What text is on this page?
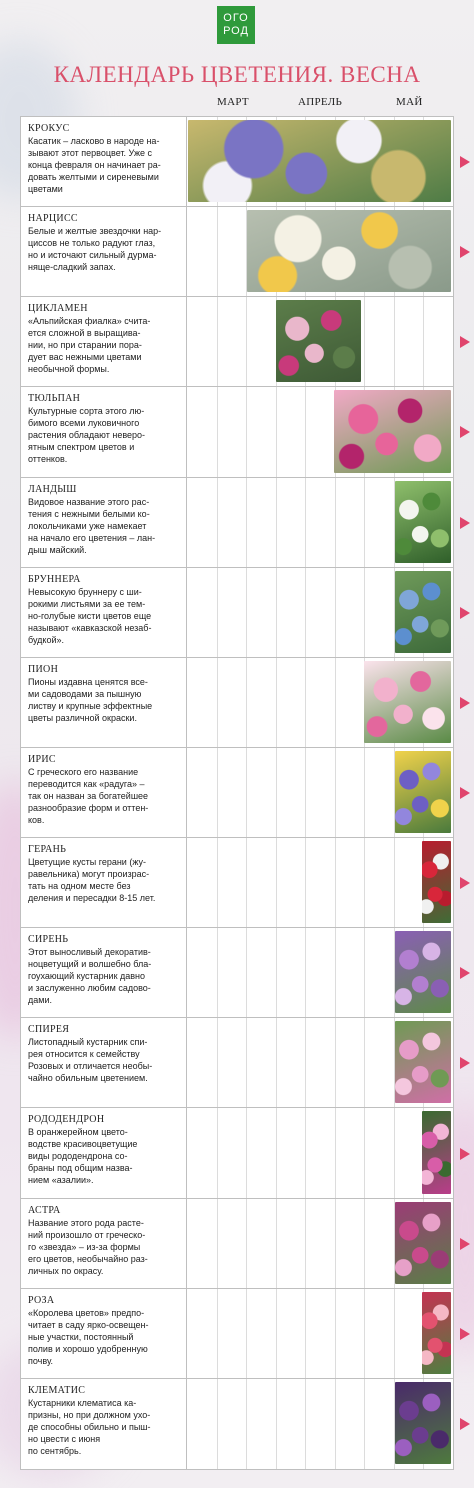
ОГО
РОД
КАЛЕНДАРЬ ЦВЕТЕНИЯ. ВЕСНА
МАРТ	АПРЕЛЬ	МАЙ
КРОКУС
Касатик – ласково в народе на-
зывают этот первоцвет. Уже с
конца февраля он начинает ра-
довать желтыми и сиреневыми
цветами
НАРЦИСС
Белые и желтые звездочки нар-
циссов не только радуют глаз,
но и источают сильный дурма-
няще-сладкий запах.
ЦИКЛАМЕН
«Альпийская фиалка» счита-
ется сложной в выращива-
нии, но при старании пора-
дует вас нежными цветами
необычной формы.
ТЮЛЬПАН
Культурные сорта этого лю-
бимого всеми луковичного
растения обладают неверо-
ятным спектром цветов и
оттенков.
ЛАНДЫШ
Видовое название этого рас-
тения с нежными белыми ко-
локольчиками уже намекает
на начало его цветения – лан-
дыш майский.
БРУННЕРА
Невысокую бруннеру с ши-
рокими листьями за ее тем-
но-голубые кисти цветов еще
называют «кавказской незаб-
будкой».
ПИОН
Пионы издавна ценятся все-
ми садоводами за пышную
листву и крупные эффектные
цветы различной окраски.
ИРИС
С греческого его название
переводится как «радуга» –
так он назван за богатейшее
разнообразие форм и оттен-
ков.
ГЕРАНЬ
Цветущие кусты герани (жу-
равельника) могут произрас-
тать на одном месте без
деления и пересадки 8-15 лет.
СИРЕНЬ
Этот выносливый декоратив-
ноцветущий и волшебно бла-
гоухающий кустарник давно
и заслуженно любим садово-
дами.
СПИРЕЯ
Листопадный кустарник спи-
рея относится к семейству
Розовых и отличается необы-
чайно обильным цветением.
РОДОДЕНДРОН
В оранжерейном цвето-
водстве красивоцветущие
виды рододендрона со-
браны под общим назва-
нием «азалии».
АСТРА
Название этого рода расте-
ний произошло от греческо-
го «звезда» – из-за формы
его цветов, необычайно раз-
личных по окрасу.
РОЗА
«Королева цветов» предпо-
читает в саду ярко-освещен-
ные участки, постоянный
полив и хорошо удобренную
почву.
КЛЕМАТИС
Кустарники клематиса ка-
призны, но при должном ухо-
де способны обильно и пыш-
но цвести с июня
по сентябрь.
